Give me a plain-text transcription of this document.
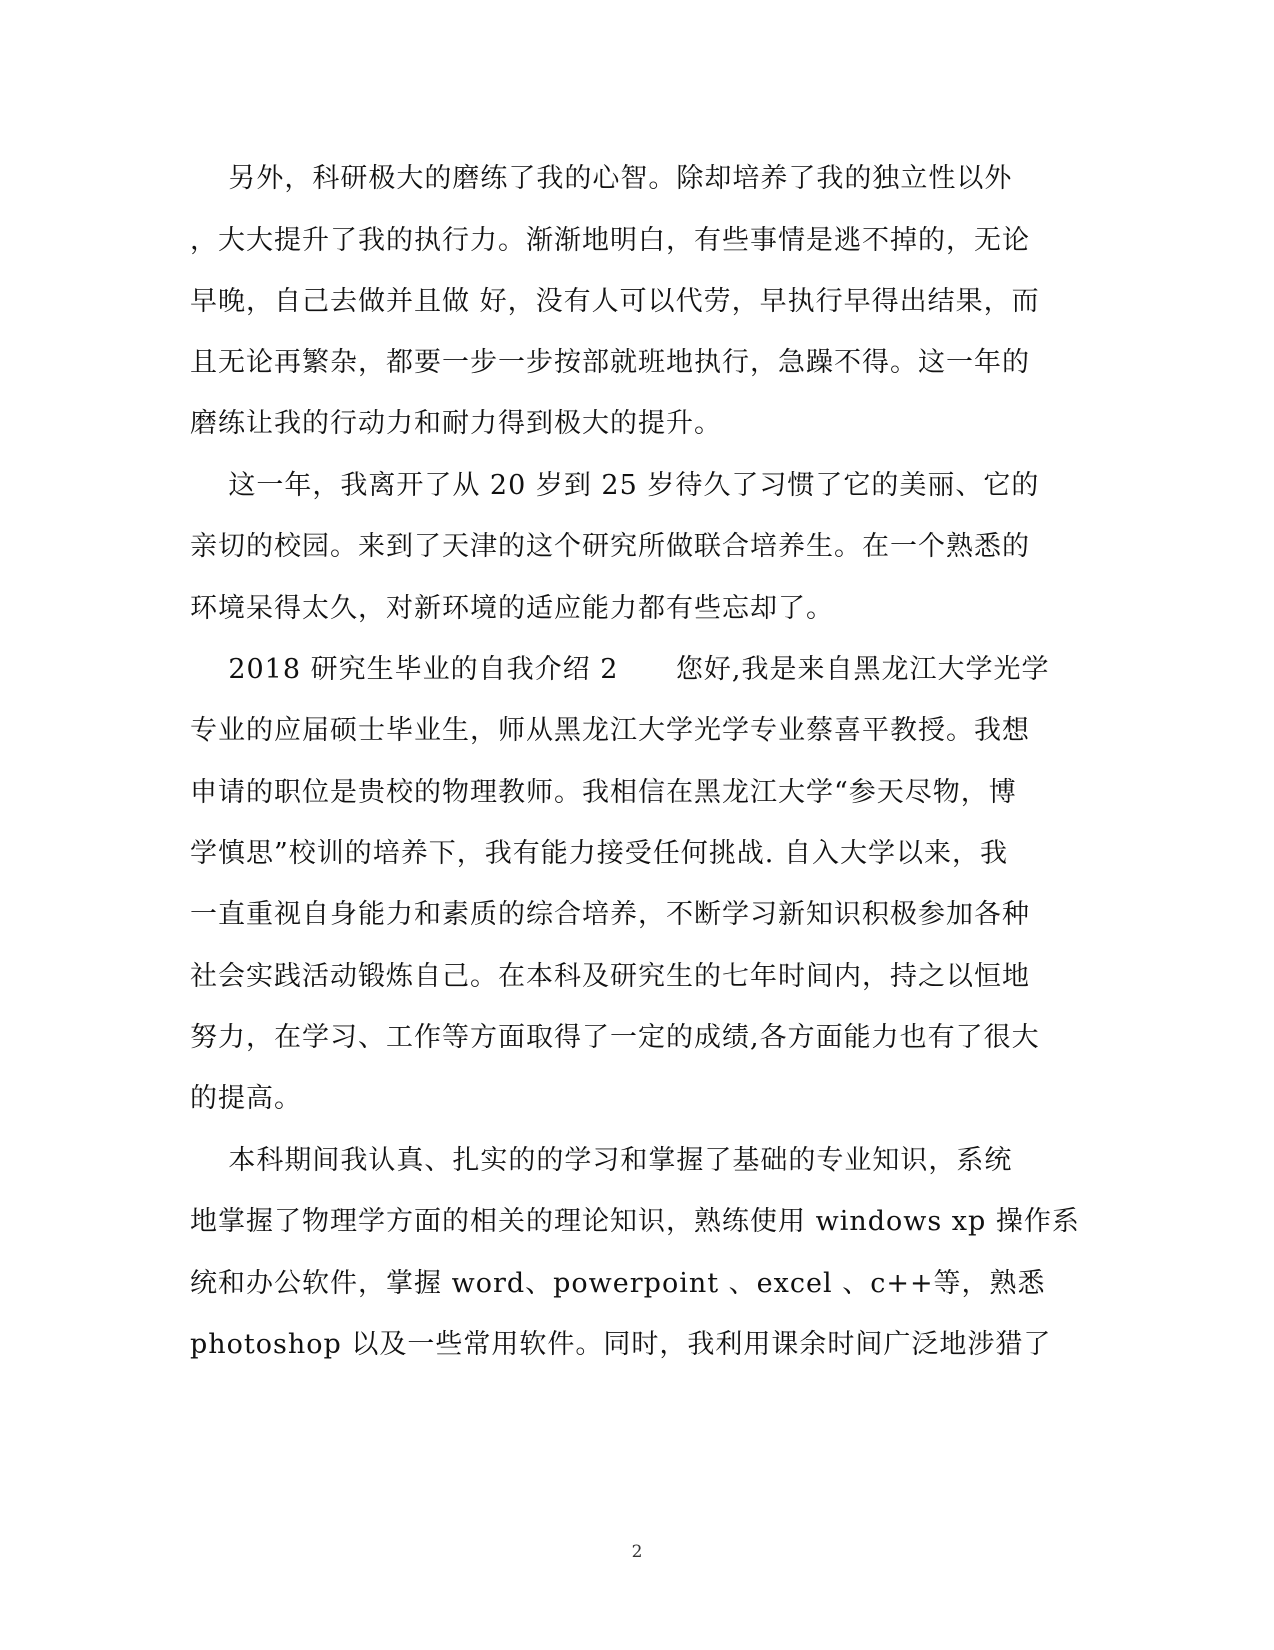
另外，科研极大的磨练了我的心智。除却培养了我的独立性以外
，大大提升了我的执行力。渐渐地明白，有些事情是逃不掉的，无论
早晚，自己去做并且做 好，没有人可以代劳，早执行早得出结果，而
且无论再繁杂，都要一步一步按部就班地执行，急躁不得。这一年的
磨练让我的行动力和耐力得到极大的提升。
这一年，我离开了从 20 岁到 25 岁待久了习惯了它的美丽、它的
亲切的校园。来到了天津的这个研究所做联合培养生。在一个熟悉的
环境呆得太久，对新环境的适应能力都有些忘却了。
2018 研究生毕业的自我介绍 2      您好,我是来自黑龙江大学光学
专业的应届硕士毕业生，师从黑龙江大学光学专业蔡喜平教授。我想
申请的职位是贵校的物理教师。我相信在黑龙江大学“参天尽物，博
学慎思”校训的培养下，我有能力接受任何挑战. 自入大学以来，我
一直重视自身能力和素质的综合培养，不断学习新知识积极参加各种
社会实践活动锻炼自己。在本科及研究生的七年时间内，持之以恒地
努力，在学习、工作等方面取得了一定的成绩,各方面能力也有了很大
的提高。
本科期间我认真、扎实的的学习和掌握了基础的专业知识，系统
地掌握了物理学方面的相关的理论知识，熟练使用 windows xp 操作系
统和办公软件，掌握 word、powerpoint 、excel 、c++等，熟悉
photoshop 以及一些常用软件。同时，我利用课余时间广泛地涉猎了
2
